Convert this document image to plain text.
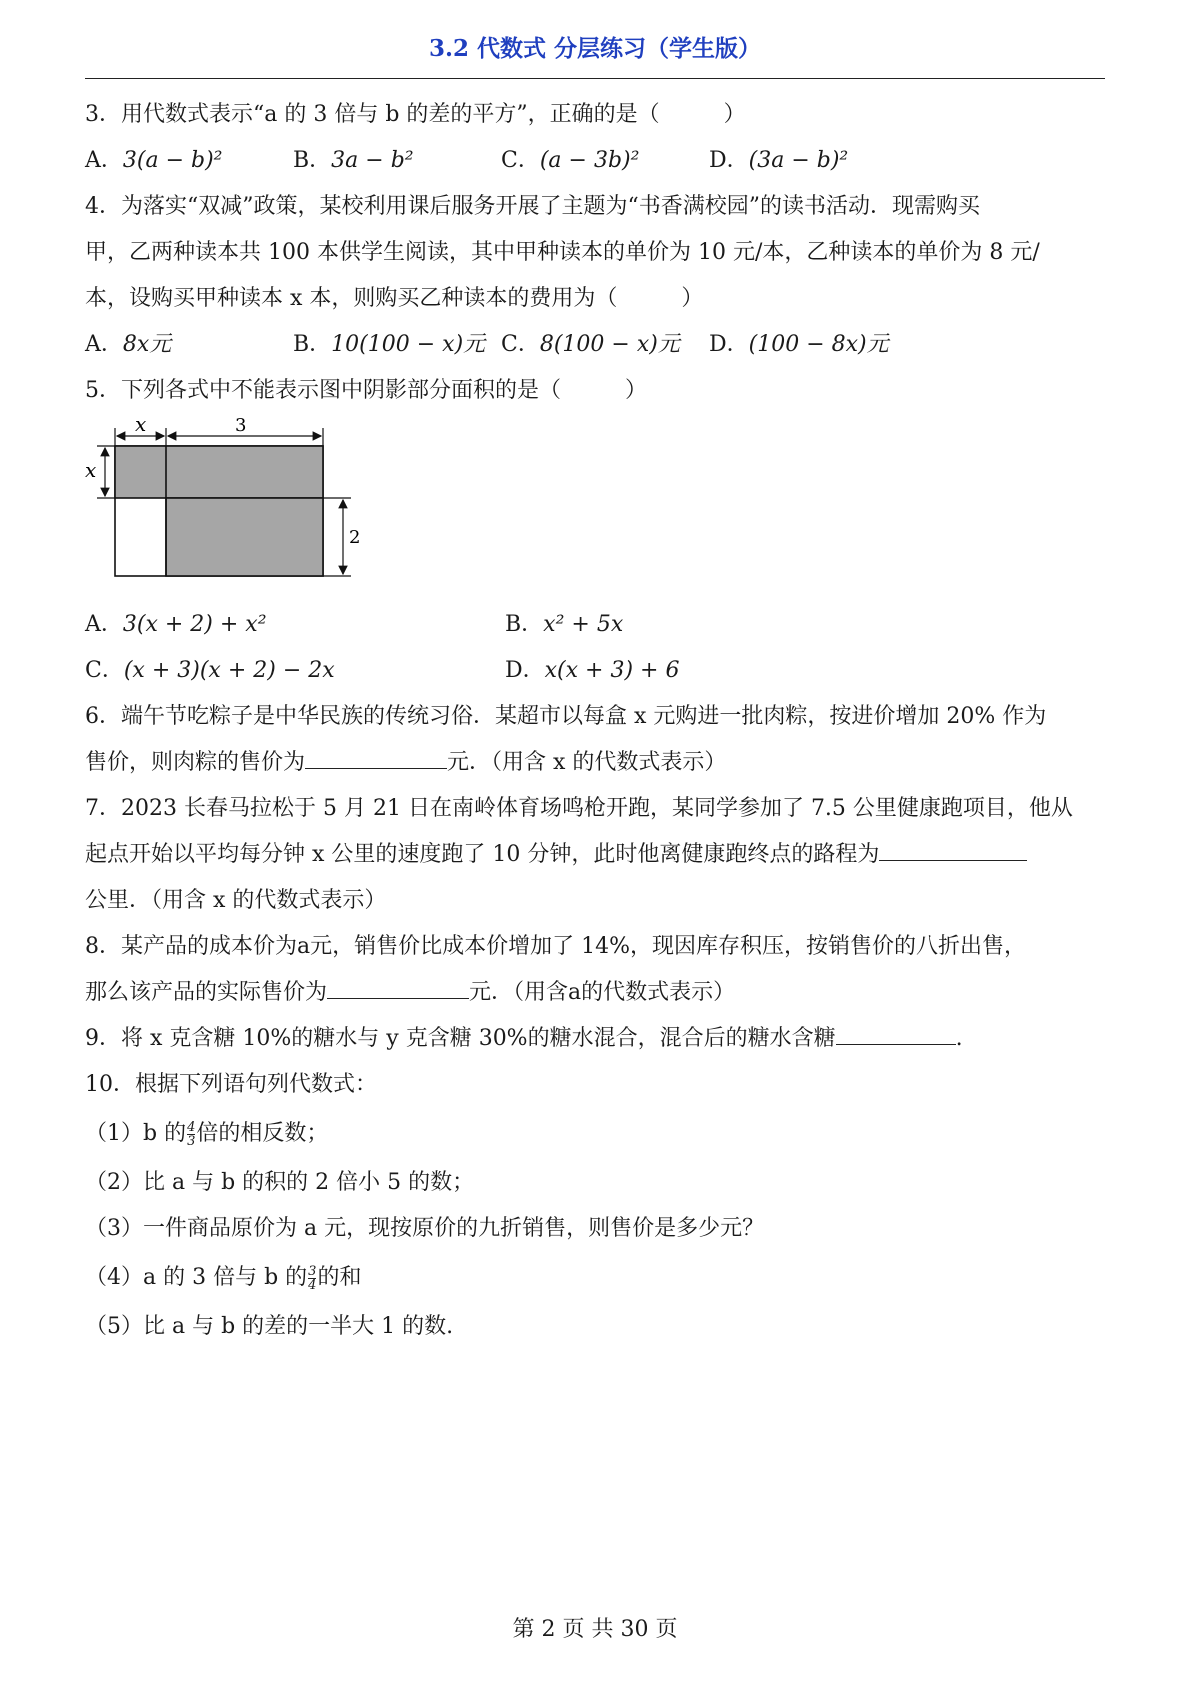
3.2 代数式 分层练习（学生版）
3．用代数式表示“a 的 3 倍与 b 的差的平方”，正确的是（	）
A．3(a − b)²	B．3a − b²	C．(a − 3b)²	D．(3a − b)²
4．为落实“双减”政策，某校利用课后服务开展了主题为“书香满校园”的读书活动．现需购买
甲，乙两种读本共 100 本供学生阅读，其中甲种读本的单价为 10 元/本，乙种读本的单价为 8 元/
本，设购买甲种读本 x 本，则购买乙种读本的费用为（	）
A．8x元	B．10(100 − x)元 C．8(100 − x)元 D．(100 − 8x)元
5．下列各式中不能表示图中阴影部分面积的是（	）
x	3
x
2
A．3(x + 2) + x²	B．x² + 5x
C．(x + 3)(x + 2) − 2x	D．x(x + 3) + 6
6．端午节吃粽子是中华民族的传统习俗．某超市以每盒 x 元购进一批肉粽，按进价增加 20% 作为
售价，则肉粽的售价为	元．（用含 x 的代数式表示）
7．2023 长春马拉松于 5 月 21 日在南岭体育场鸣枪开跑，某同学参加了 7.5 公里健康跑项目，他从
起点开始以平均每分钟 x 公里的速度跑了 10 分钟，此时他离健康跑终点的路程为
公里．（用含 x 的代数式表示）
8．某产品的成本价为a元，销售价比成本价增加了 14%，现因库存积压，按销售价的八折出售，
那么该产品的实际售价为	元．（用含a的代数式表示）
9．将 x 克含糖 10%的糖水与 y 克含糖 30%的糖水混合，混合后的糖水含糖	.
10．根据下列语句列代数式：
（1）b 的 $\frac{4}{3}$ 倍的相反数；
（2）比 a 与 b 的积的 2 倍小 5 的数；
（3）一件商品原价为 a 元，现按原价的九折销售，则售价是多少元？
（4）a 的 3 倍与 b 的 $\frac{3}{4}$ 的和
（5）比 a 与 b 的差的一半大 1 的数.
第 2 页 共 30 页
